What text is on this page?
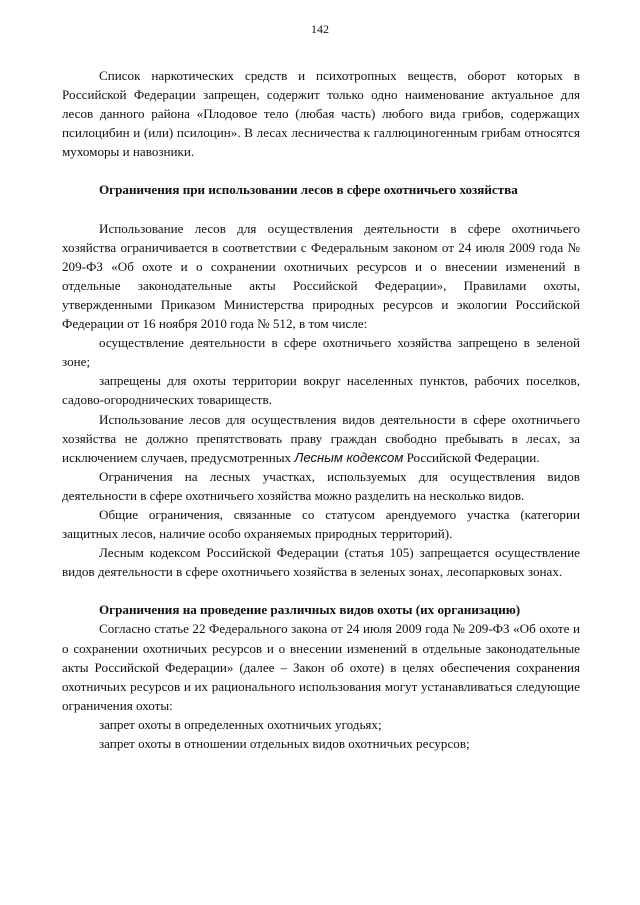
142

Список наркотических средств и психотропных веществ, оборот которых в Российской Федерации запрещен, содержит только одно наименование актуальное для лесов данного района «Плодовое тело (любая часть) любого вида грибов, содержащих псилоцибин и (или) псилоцин». В лесах лесничества к галлюциногенным грибам относятся мухоморы и навозники.

Ограничения при использовании лесов в сфере охотничьего хозяйства

Использование лесов для осуществления деятельности в сфере охотничьего хозяйства ограничивается в соответствии с Федеральным законом от 24 июля 2009 года № 209-ФЗ «Об охоте и о сохранении охотничьих ресурсов и о внесении изменений в отдельные законодательные акты Российской Федерации», Правилами охоты, утвержденными Приказом Министерства природных ресурсов и экологии Российской Федерации от 16 ноября 2010 года № 512, в том числе:

осуществление деятельности в сфере охотничьего хозяйства запрещено в зеленой зоне;

запрещены для охоты территории вокруг населенных пунктов, рабочих поселков, садово-огороднических товариществ.

Использование лесов для осуществления видов деятельности в сфере охотничьего хозяйства не должно препятствовать праву граждан свободно пребывать в лесах, за исключением случаев, предусмотренных Лесным кодексом Российской Федерации.

Ограничения на лесных участках, используемых для осуществления видов деятельности в сфере охотничьего хозяйства можно разделить на несколько видов.

Общие ограничения, связанные со статусом арендуемого участка (категории защитных лесов, наличие особо охраняемых природных территорий).

Лесным кодексом Российской Федерации (статья 105) запрещается осуществление видов деятельности в сфере охотничьего хозяйства в зеленых зонах, лесопарковых зонах.

Ограничения на проведение различных видов охоты (их организацию)

Согласно статье 22 Федерального закона от 24 июля 2009 года № 209-ФЗ «Об охоте и о сохранении охотничьих ресурсов и о внесении изменений в отдельные законодательные акты Российской Федерации» (далее – Закон об охоте) в целях обеспечения сохранения охотничьих ресурсов и их рационального использования могут устанавливаться следующие ограничения охоты:

запрет охоты в определенных охотничьих угодьях;

запрет охоты в отношении отдельных видов охотничьих ресурсов;
